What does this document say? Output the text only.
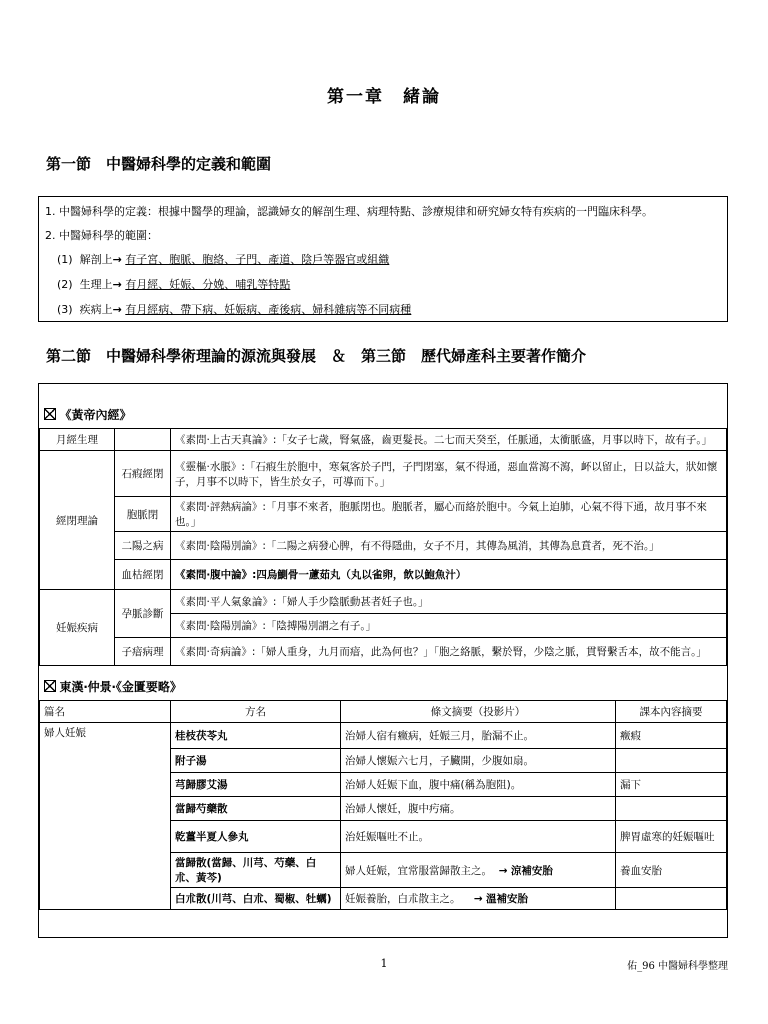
第一章　緒論
第一節　中醫婦科學的定義和範圍
1. 中醫婦科學的定義：根據中醫學的理論，認識婦女的解剖生理、病理特點、診療規律和研究婦女特有疾病的一門臨床科學。
2. 中醫婦科學的範圍：
(1) 解剖上→ 有子宮、胞脈、胞絡、子門、產道、陰戶等器官或組織
(2) 生理上→ 有月經、妊娠、分娩、哺乳等特點
(3) 疾病上→ 有月經病、帶下病、妊娠病、產後病、婦科雜病等不同病種
第二節　中醫婦科學術理論的源流與發展　＆　第三節　歷代婦產科主要著作簡介
《黃帝內經》		
月經生理		《素問‧上古天真論》:「女子七歲，腎氣盛，齒更髮長。二七而天癸至，任脈通，太衝脈盛，月事以時下，故有子。」
經閉理論	石瘕經閉	《靈樞‧水脹》:「石瘕生於胞中，寒氣客於子門，子門閉塞，氣不得通，惡血當瀉不瀉，衃以留止，日以益大，狀如懷子，月事不以時下，皆生於女子，可導而下。」
	胞脈閉	《素問‧評熱病論》:「月事不來者，胞脈閉也。胞脈者，屬心而絡於胞中。今氣上迫肺，心氣不得下通，故月事不來也。」
	二陽之病	《素問‧陰陽別論》:「二陽之病發心脾，有不得隱曲，女子不月，其傳為風消，其傳為息賁者，死不治。」
	血枯經閉	《素問‧腹中論》:四烏鰂骨一藘茹丸（丸以雀卵，飲以鮑魚汁）
妊娠疾病	孕脈診斷	《素問‧平人氣象論》:「婦人手少陰脈動甚者妊子也。」
		《素問‧陰陽別論》:「陰搏陽別謂之有子。」
	子瘖病理	《素問‧奇病論》:「婦人重身，九月而瘖，此為何也？」「胞之絡脈，繫於腎，少陰之脈，貫腎繫舌本，故不能言。」
東漢‧仲景‧《金匱要略》			
篇名	方名	條文摘要（投影片）	課本內容摘要
婦人妊娠	桂枝茯苓丸	治婦人宿有癥病，妊娠三月，胎漏不止。	癥瘕
	附子湯	治婦人懷娠六七月，子臟開，少腹如扇。	
	芎歸膠艾湯	治婦人妊娠下血，腹中痛(稱為胞阻)。	漏下
	當歸芍藥散	治婦人懷妊，腹中㽲痛。	
	乾薑半夏人參丸	治妊娠嘔吐不止。	脾胃虛寒的妊娠嘔吐
	當歸散(當歸、川芎、芍藥、白朮、黃芩)	婦人妊娠，宜常服當歸散主之。 → 涼補安胎	養血安胎
	白朮散(川芎、白朮、蜀椒、牡蠣)	妊娠養胎，白朮散主之。 → 溫補安胎	
1	佑_96 中醫婦科學整理
